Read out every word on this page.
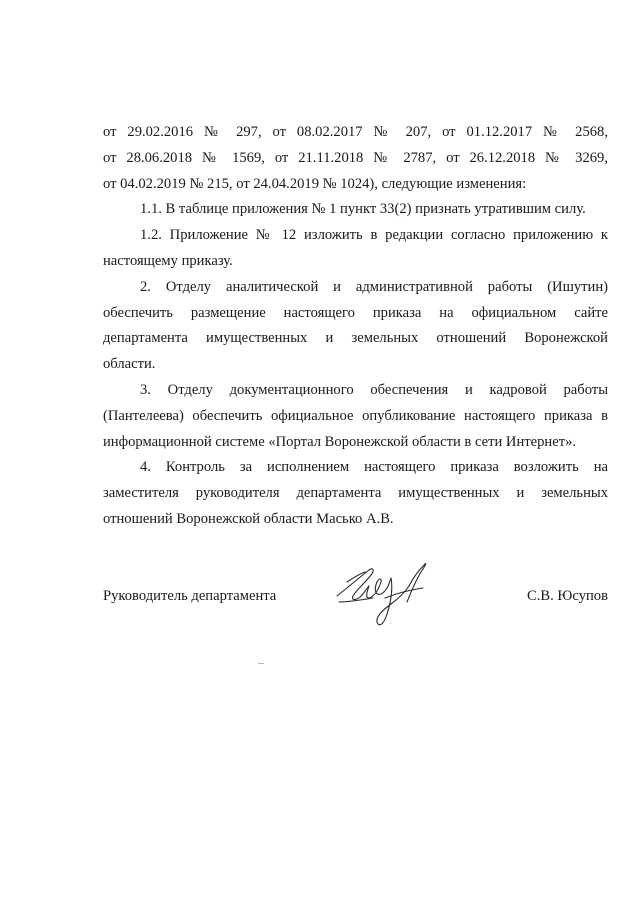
от 29.02.2016 № 297, от 08.02.2017 № 207, от 01.12.2017 № 2568,
от 28.06.2018 № 1569, от 21.11.2018 № 2787, от 26.12.2018 № 3269,
от 04.02.2019 № 215, от 24.04.2019 № 1024), следующие изменения:

1.1. В таблице приложения № 1 пункт 33(2) признать утратившим силу.

1.2. Приложение № 12 изложить в редакции согласно приложению к
настоящему приказу.

2. Отделу аналитической и административной работы (Ишутин)
обеспечить размещение настоящего приказа на официальном сайте
департамента имущественных и земельных отношений Воронежской
области.

3. Отделу документационного обеспечения и кадровой работы
(Пантелеева) обеспечить официальное опубликование настоящего приказа в
информационной системе «Портал Воронежской области в сети Интернет».

4. Контроль за исполнением настоящего приказа возложить на
заместителя руководителя департамента имущественных и земельных
отношений Воронежской области Масько А.В.

Руководитель департамента	С.В. Юсупов
